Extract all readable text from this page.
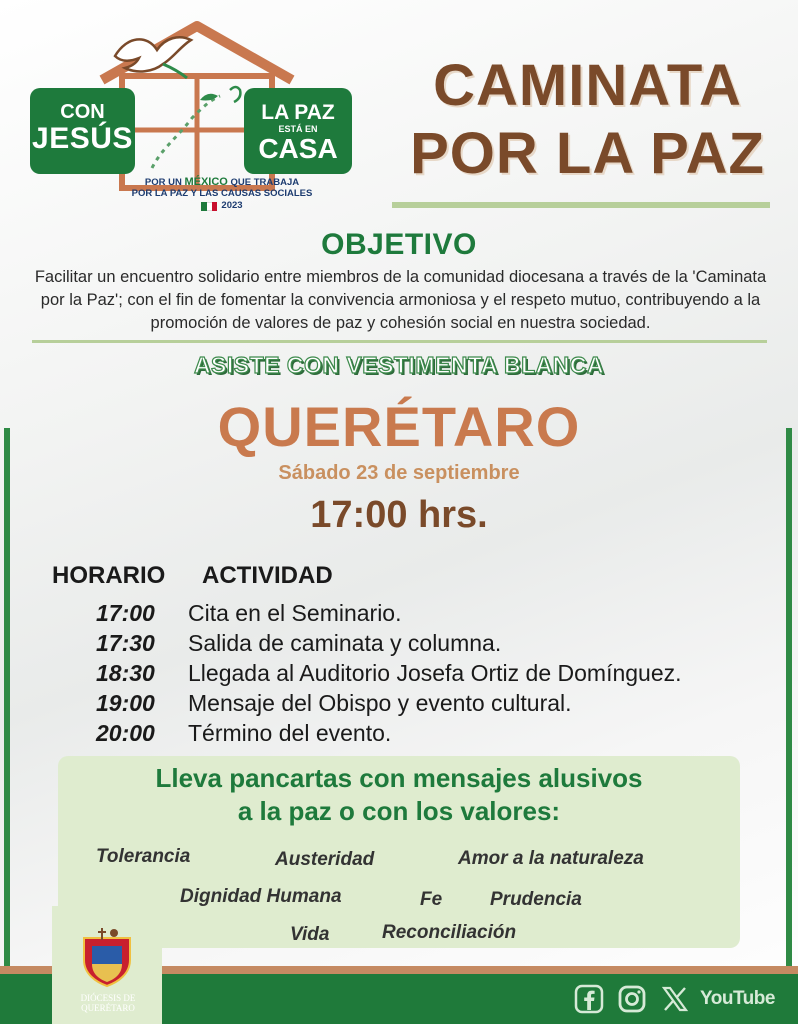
CON
JESÚS
LA PAZ
ESTÁ EN
CASA
POR UN MÉXICO QUE TRABAJA
POR LA PAZ Y LAS CAUSAS SOCIALES
2023
CAMINATA
POR LA PAZ
OBJETIVO
Facilitar un encuentro solidario entre miembros de la comunidad diocesana a través de la 'Caminata por la Paz'; con el fin de fomentar la convivencia armoniosa y el respeto mutuo, contribuyendo a la promoción de valores de paz y cohesión social en nuestra sociedad.
ASISTE CON VESTIMENTA BLANCA
QUERÉTARO
Sábado 23 de septiembre
17:00 hrs.
HORARIO ACTIVIDAD
17:00	Cita en el Seminario.
17:30	Salida de caminata y columna.
18:30	Llegada al Auditorio Josefa Ortiz de Domínguez.
19:00	Mensaje del Obispo y evento cultural.
20:00	Término del evento.
Lleva pancartas con mensajes alusivos
a la paz o con los valores:
Tolerancia	Austeridad	Amor a la naturaleza
Dignidad Humana	Fe	Prudencia
Vida	Reconciliación
DIÓCESIS DE
QUERÉTARO	YouTube
